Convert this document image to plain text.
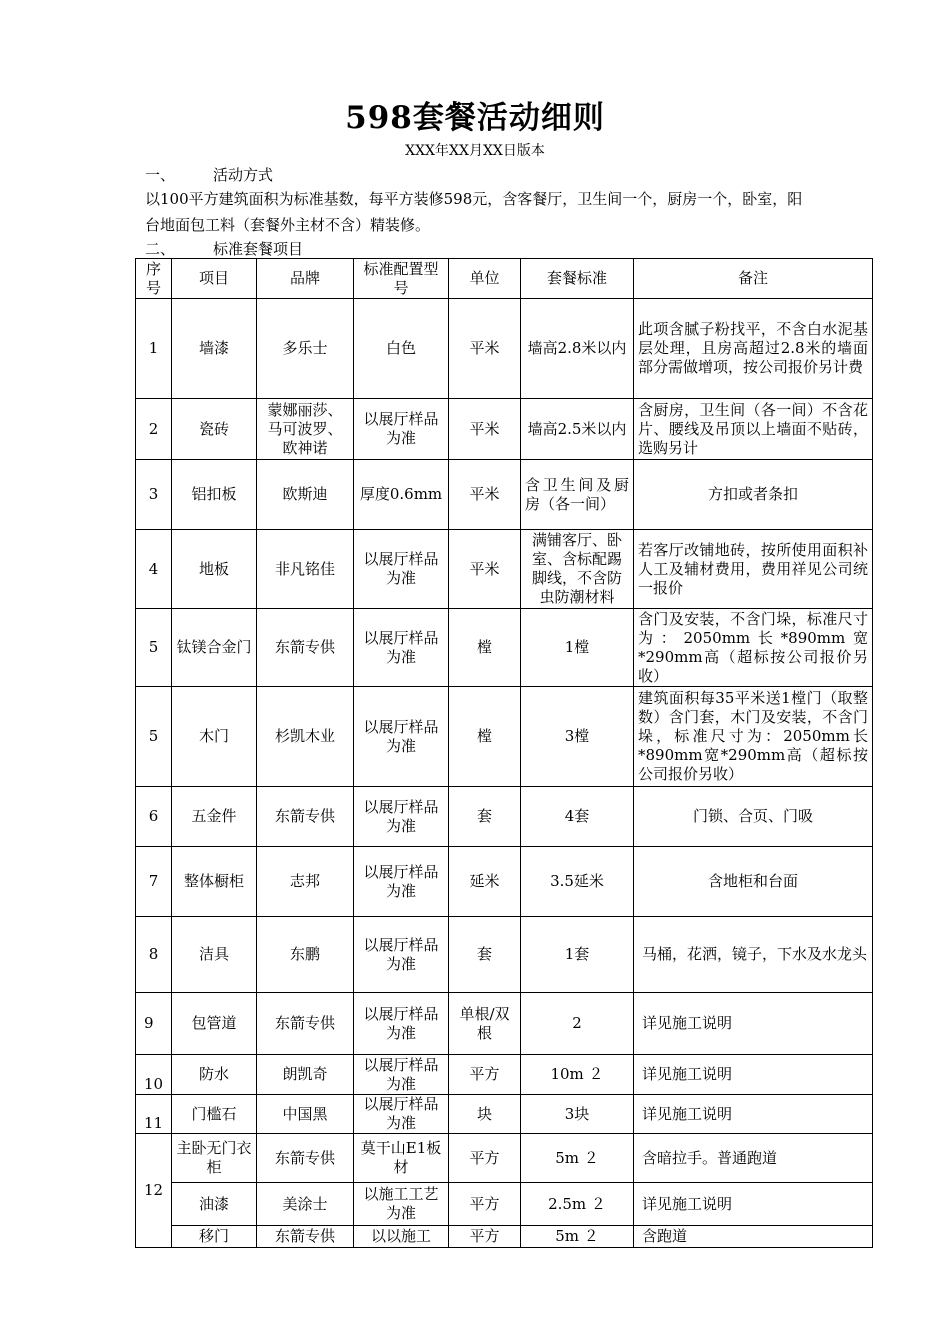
598套餐活动细则
XXX年XX月XX日版本
一、	活动方式
以100平方建筑面积为标准基数，每平方装修598元，含客餐厅，卫生间一个，厨房一个，卧室，阳台地面包工料（套餐外主材不含）精装修。
二、	标准套餐项目
序号	项目	品牌	标准配置型号	单位	套餐标准	备注
1	墙漆	多乐士	白色	平米	墙高2.8米以内	此项含腻子粉找平，不含白水泥基层处理，且房高超过2.8米的墙面部分需做增项，按公司报价另计费
2	瓷砖	蒙娜丽莎、马可波罗、欧神诺	以展厅样品为准	平米	墙高2.5米以内	含厨房，卫生间（各一间）不含花片、腰线及吊顶以上墙面不贴砖，选购另计
3	铝扣板	欧斯迪	厚度0.6mm	平米	含卫生间及厨房（各一间）	方扣或者条扣
4	地板	非凡铭佳	以展厅样品为准	平米	满铺客厅、卧室、含标配踢脚线，不含防虫防潮材料	若客厅改铺地砖，按所使用面积补人工及辅材费用，费用祥见公司统一报价
5	钛镁合金门	东箭专供	以展厅样品为准	樘	1樘	含门及安装，不含门垛，标准尺寸为：2050mm长*890mm宽*290mm高（超标按公司报价另收）
5	木门	杉凯木业	以展厅样品为准	樘	3樘	建筑面积每35平米送1樘门（取整数）含门套，木门及安装，不含门垛，标准尺寸为：2050mm长*890mm宽*290mm高（超标按公司报价另收）
6	五金件	东箭专供	以展厅样品为准	套	4套	门锁、合页、门吸
7	整体橱柜	志邦	以展厅样品为准	延米	3.5延米	含地柜和台面
8	洁具	东鹏	以展厅样品为准	套	1套	马桶，花洒，镜子，下水及水龙头
9	包管道	东箭专供	以展厅样品为准	单根/双根	2	详见施工说明
10	防水	朗凯奇	以展厅样品为准	平方	10m ２	详见施工说明
11	门槛石	中国黑	以展厅样品为准	块	3块	详见施工说明
12	主卧无门衣柜	东箭专供	莫干山E1板材	平方	5m ２	含暗拉手。普通跑道
	油漆	美涂士	以施工工艺为准	平方	2.5m ２	详见施工说明
	移门	东箭专供	以以施工	平方	5m ２	含跑道
